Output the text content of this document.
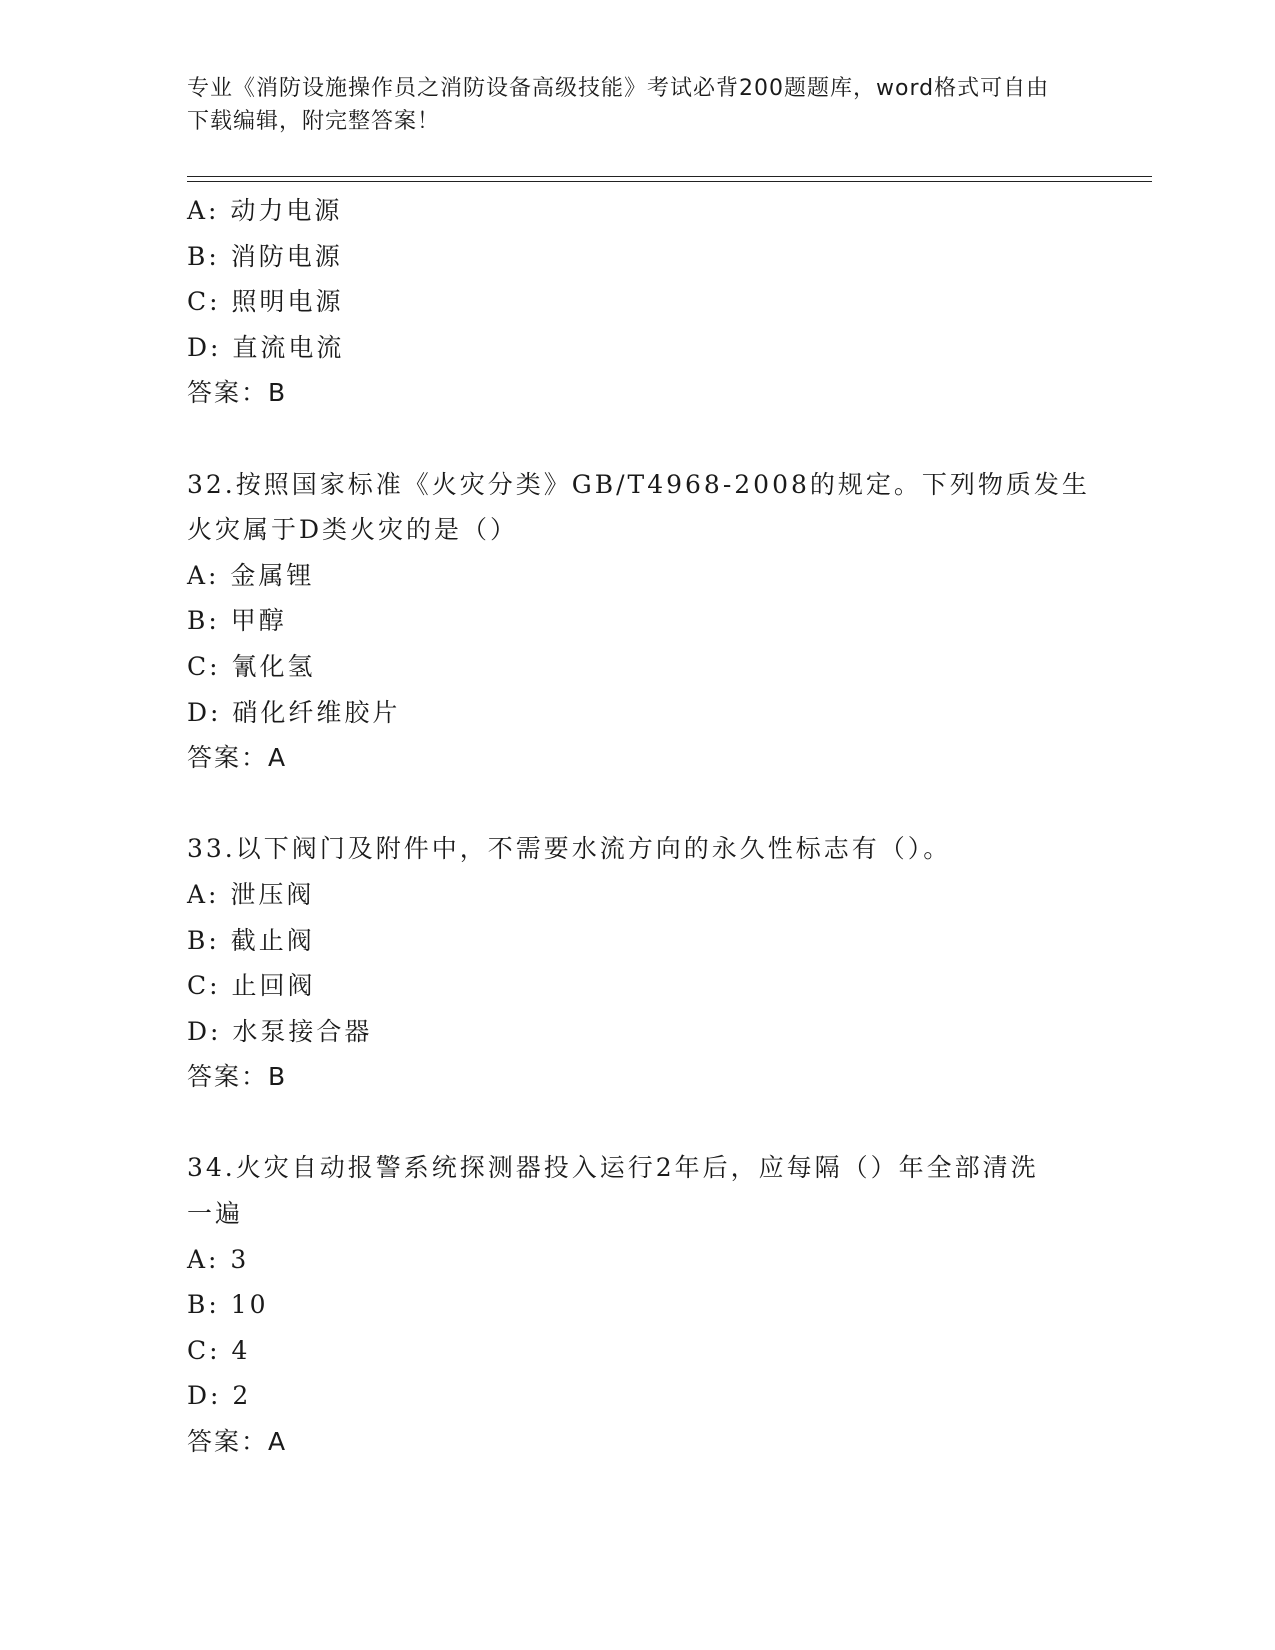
专业《消防设施操作员之消防设备高级技能》考试必背200题题库，word格式可自由下载编辑，附完整答案！
A: 动力电源
B: 消防电源
C: 照明电源
D: 直流电流
答案：B
32.按照国家标准《火灾分类》GB/T4968-2008的规定。下列物质发生
火灾属于D类火灾的是（）
A: 金属锂
B: 甲醇
C: 氰化氢
D: 硝化纤维胶片
答案：A
33.以下阀门及附件中，不需要水流方向的永久性标志有（）。
A: 泄压阀
B: 截止阀
C: 止回阀
D: 水泵接合器
答案：B
34.火灾自动报警系统探测器投入运行2年后，应每隔（）年全部清洗
一遍
A: 3
B: 10
C: 4
D: 2
答案：A
